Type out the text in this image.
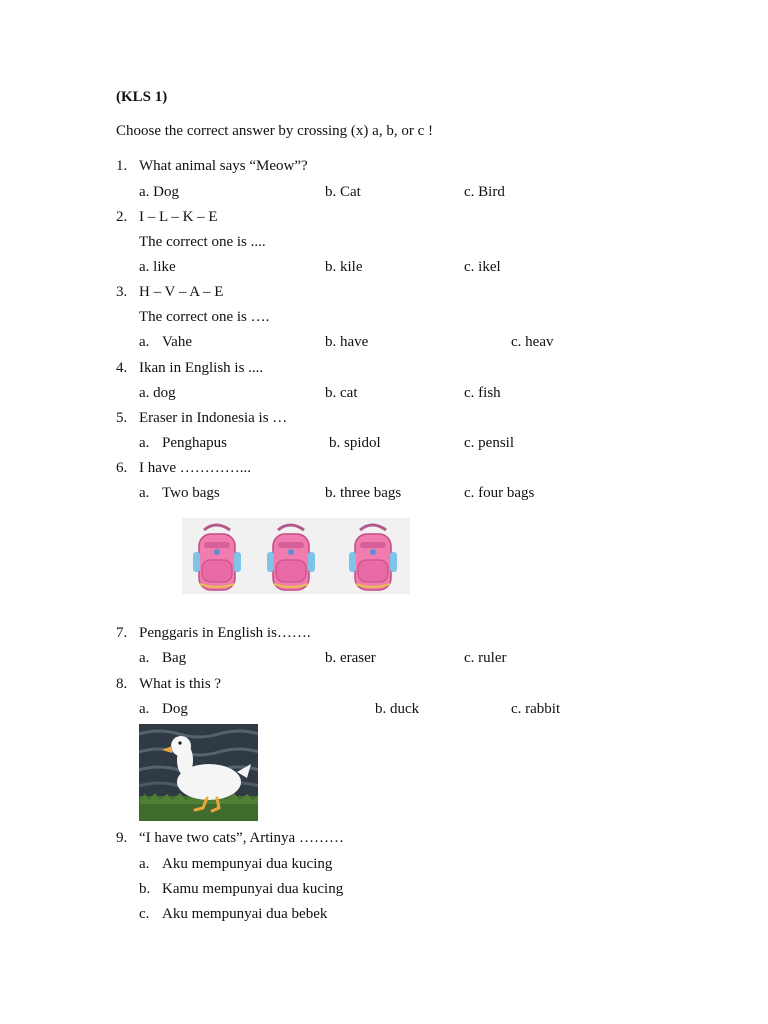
(KLS 1)
Choose the correct answer by crossing (x) a, b, or c !
1. What animal says “Meow”?
a. Dog	b. Cat	c. Bird
2. I – L – K – E
The correct one is ....
a. like	b. kile	c. ikel
3. H – V – A – E
The correct one is ….
a. Vahe	b. have	c. heav
4. Ikan in English is ....
a. dog	b. cat	c. fish
5. Eraser in Indonesia is …
a. Penghapus	b. spidol	c. pensil
6. I have …………...
a. Two bags	b. three bags	c. four bags
7. Penggaris in English is…….
a. Bag	b. eraser	c. ruler
8. What is this ?
a. Dog	b. duck	c. rabbit
9. “I have two cats”, Artinya ………
a. Aku mempunyai dua kucing
b. Kamu mempunyai dua kucing
c. Aku mempunyai dua bebek
